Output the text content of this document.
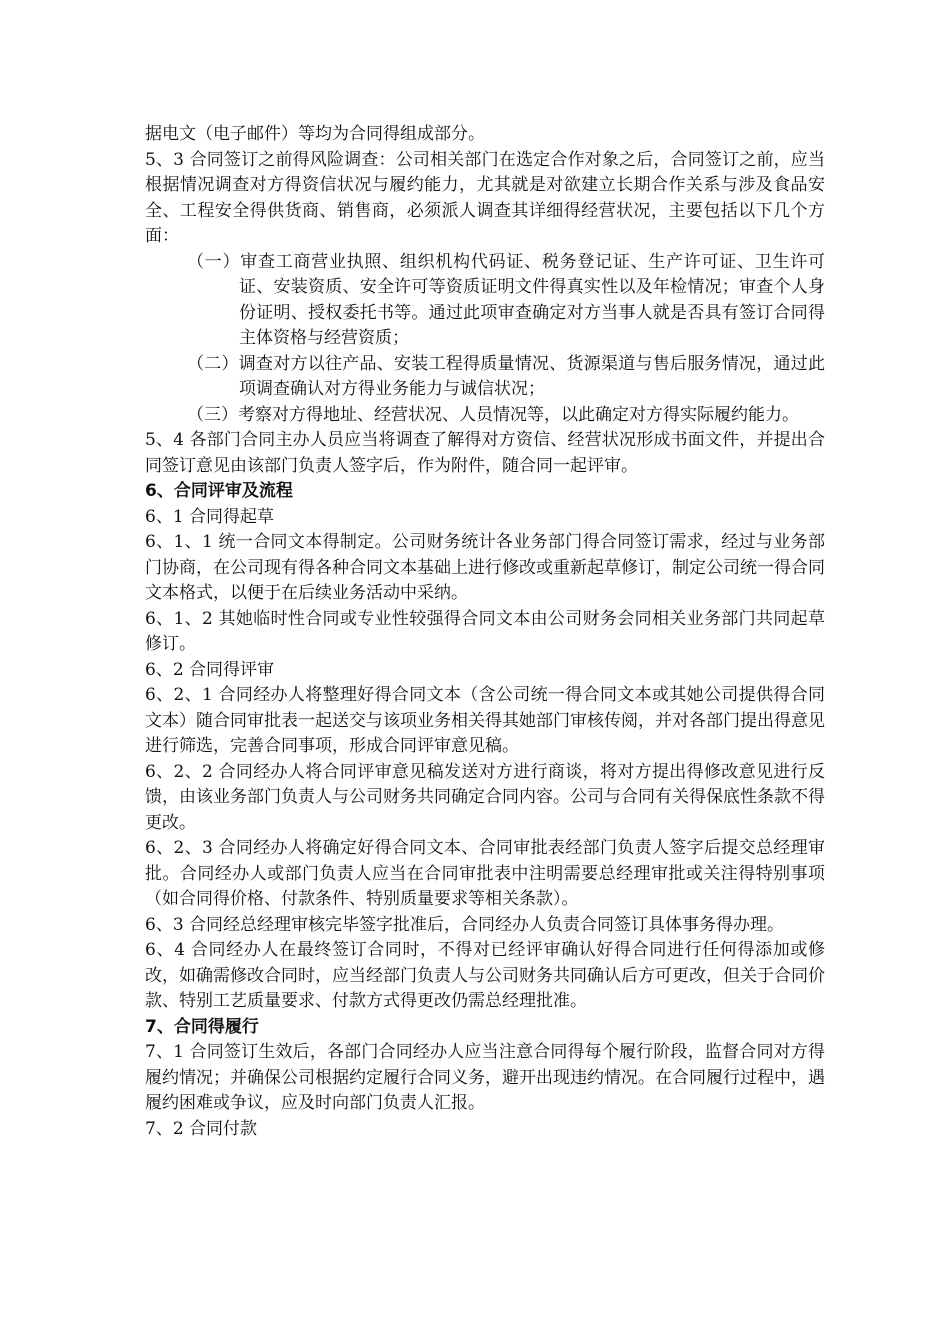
据电文（电子邮件）等均为合同得组成部分。

5、3 合同签订之前得风险调查：公司相关部门在选定合作对象之后，合同签订之前，应当根据情况调查对方得资信状况与履约能力，尤其就是对欲建立长期合作关系与涉及食品安全、工程安全得供货商、销售商，必须派人调查其详细得经营状况，主要包括以下几个方面：

（一）审查工商营业执照、组织机构代码证、税务登记证、生产许可证、卫生许可证、安装资质、安全许可等资质证明文件得真实性以及年检情况；审查个人身份证明、授权委托书等。通过此项审查确定对方当事人就是否具有签订合同得主体资格与经营资质；

（二）调查对方以往产品、安装工程得质量情况、货源渠道与售后服务情况，通过此项调查确认对方得业务能力与诚信状况；

（三）考察对方得地址、经营状况、人员情况等，以此确定对方得实际履约能力。

5、4 各部门合同主办人员应当将调查了解得对方资信、经营状况形成书面文件，并提出合同签订意见由该部门负责人签字后，作为附件，随合同一起评审。

6、合同评审及流程

6、1 合同得起草

6、1、1 统一合同文本得制定。公司财务统计各业务部门得合同签订需求，经过与业务部门协商，在公司现有得各种合同文本基础上进行修改或重新起草修订，制定公司统一得合同文本格式，以便于在后续业务活动中采纳。

6、1、2 其她临时性合同或专业性较强得合同文本由公司财务会同相关业务部门共同起草修订。

6、2 合同得评审

6、2、1 合同经办人将整理好得合同文本（含公司统一得合同文本或其她公司提供得合同文本）随合同审批表一起送交与该项业务相关得其她部门审核传阅，并对各部门提出得意见进行筛选，完善合同事项，形成合同评审意见稿。

6、2、2 合同经办人将合同评审意见稿发送对方进行商谈，将对方提出得修改意见进行反馈，由该业务部门负责人与公司财务共同确定合同内容。公司与合同有关得保底性条款不得更改。

6、2、3 合同经办人将确定好得合同文本、合同审批表经部门负责人签字后提交总经理审批。合同经办人或部门负责人应当在合同审批表中注明需要总经理审批或关注得特别事项（如合同得价格、付款条件、特别质量要求等相关条款）。

6、3 合同经总经理审核完毕签字批准后，合同经办人负责合同签订具体事务得办理。

6、4 合同经办人在最终签订合同时，不得对已经评审确认好得合同进行任何得添加或修改，如确需修改合同时，应当经部门负责人与公司财务共同确认后方可更改，但关于合同价款、特别工艺质量要求、付款方式得更改仍需总经理批准。

7、合同得履行

7、1 合同签订生效后，各部门合同经办人应当注意合同得每个履行阶段，监督合同对方得履约情况；并确保公司根据约定履行合同义务，避开出现违约情况。在合同履行过程中，遇履约困难或争议，应及时向部门负责人汇报。

7、2 合同付款
